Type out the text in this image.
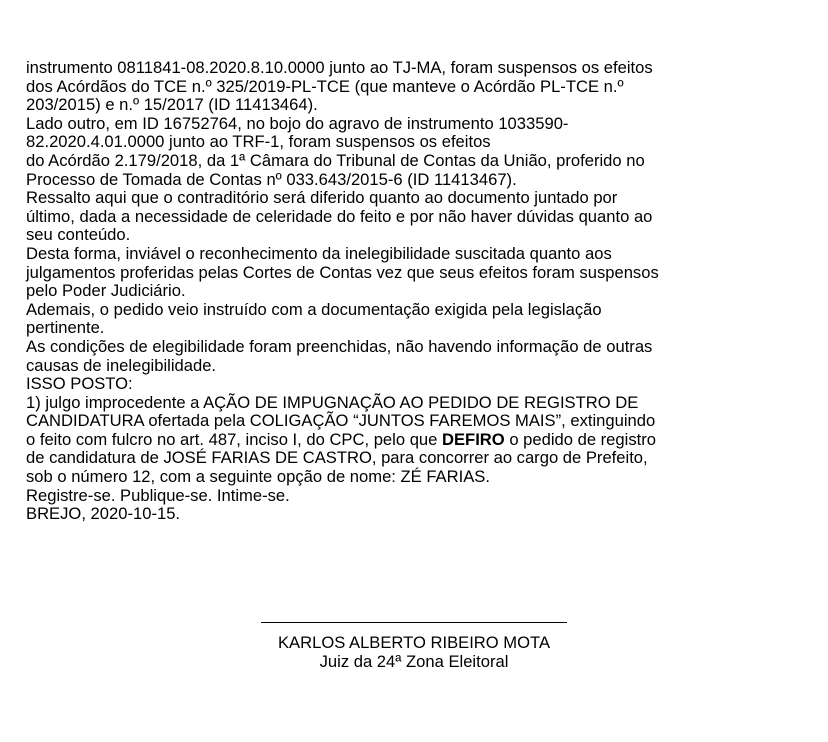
instrumento 0811841-08.2020.8.10.0000 junto ao TJ-MA, foram suspensos os efeitos
dos Acórdãos do TCE n.º 325/2019-PL-TCE (que manteve o Acórdão PL-TCE n.º
203/2015) e n.º 15/2017 (ID 11413464).
Lado outro, em ID 16752764, no bojo do agravo de instrumento 1033590-
82.2020.4.01.0000 junto ao TRF-1, foram suspensos os efeitos
do Acórdão 2.179/2018, da 1ª Câmara do Tribunal de Contas da União, proferido no
Processo de Tomada de Contas nº 033.643/2015-6 (ID 11413467).
Ressalto aqui que o contraditório será diferido quanto ao documento juntado por
último, dada a necessidade de celeridade do feito e por não haver dúvidas quanto ao
seu conteúdo.
Desta forma, inviável o reconhecimento da inelegibilidade suscitada quanto aos
julgamentos proferidas pelas Cortes de Contas vez que seus efeitos foram suspensos
pelo Poder Judiciário.
Ademais, o pedido veio instruído com a documentação exigida pela legislação
pertinente.
As condições de elegibilidade foram preenchidas, não havendo informação de outras
causas de inelegibilidade.
ISSO POSTO:
1) julgo improcedente a AÇÃO DE IMPUGNAÇÃO AO PEDIDO DE REGISTRO DE
CANDIDATURA ofertada pela COLIGAÇÃO “JUNTOS FAREMOS MAIS”, extinguindo
o feito com fulcro no art. 487, inciso I, do CPC, pelo que DEFIRO o pedido de registro
de candidatura de JOSÉ FARIAS DE CASTRO, para concorrer ao cargo de Prefeito,
sob o número 12, com a seguinte opção de nome: ZÉ FARIAS.
Registre-se. Publique-se. Intime-se.
BREJO, 2020-10-15.
KARLOS ALBERTO RIBEIRO MOTA
Juiz da 24ª Zona Eleitoral
